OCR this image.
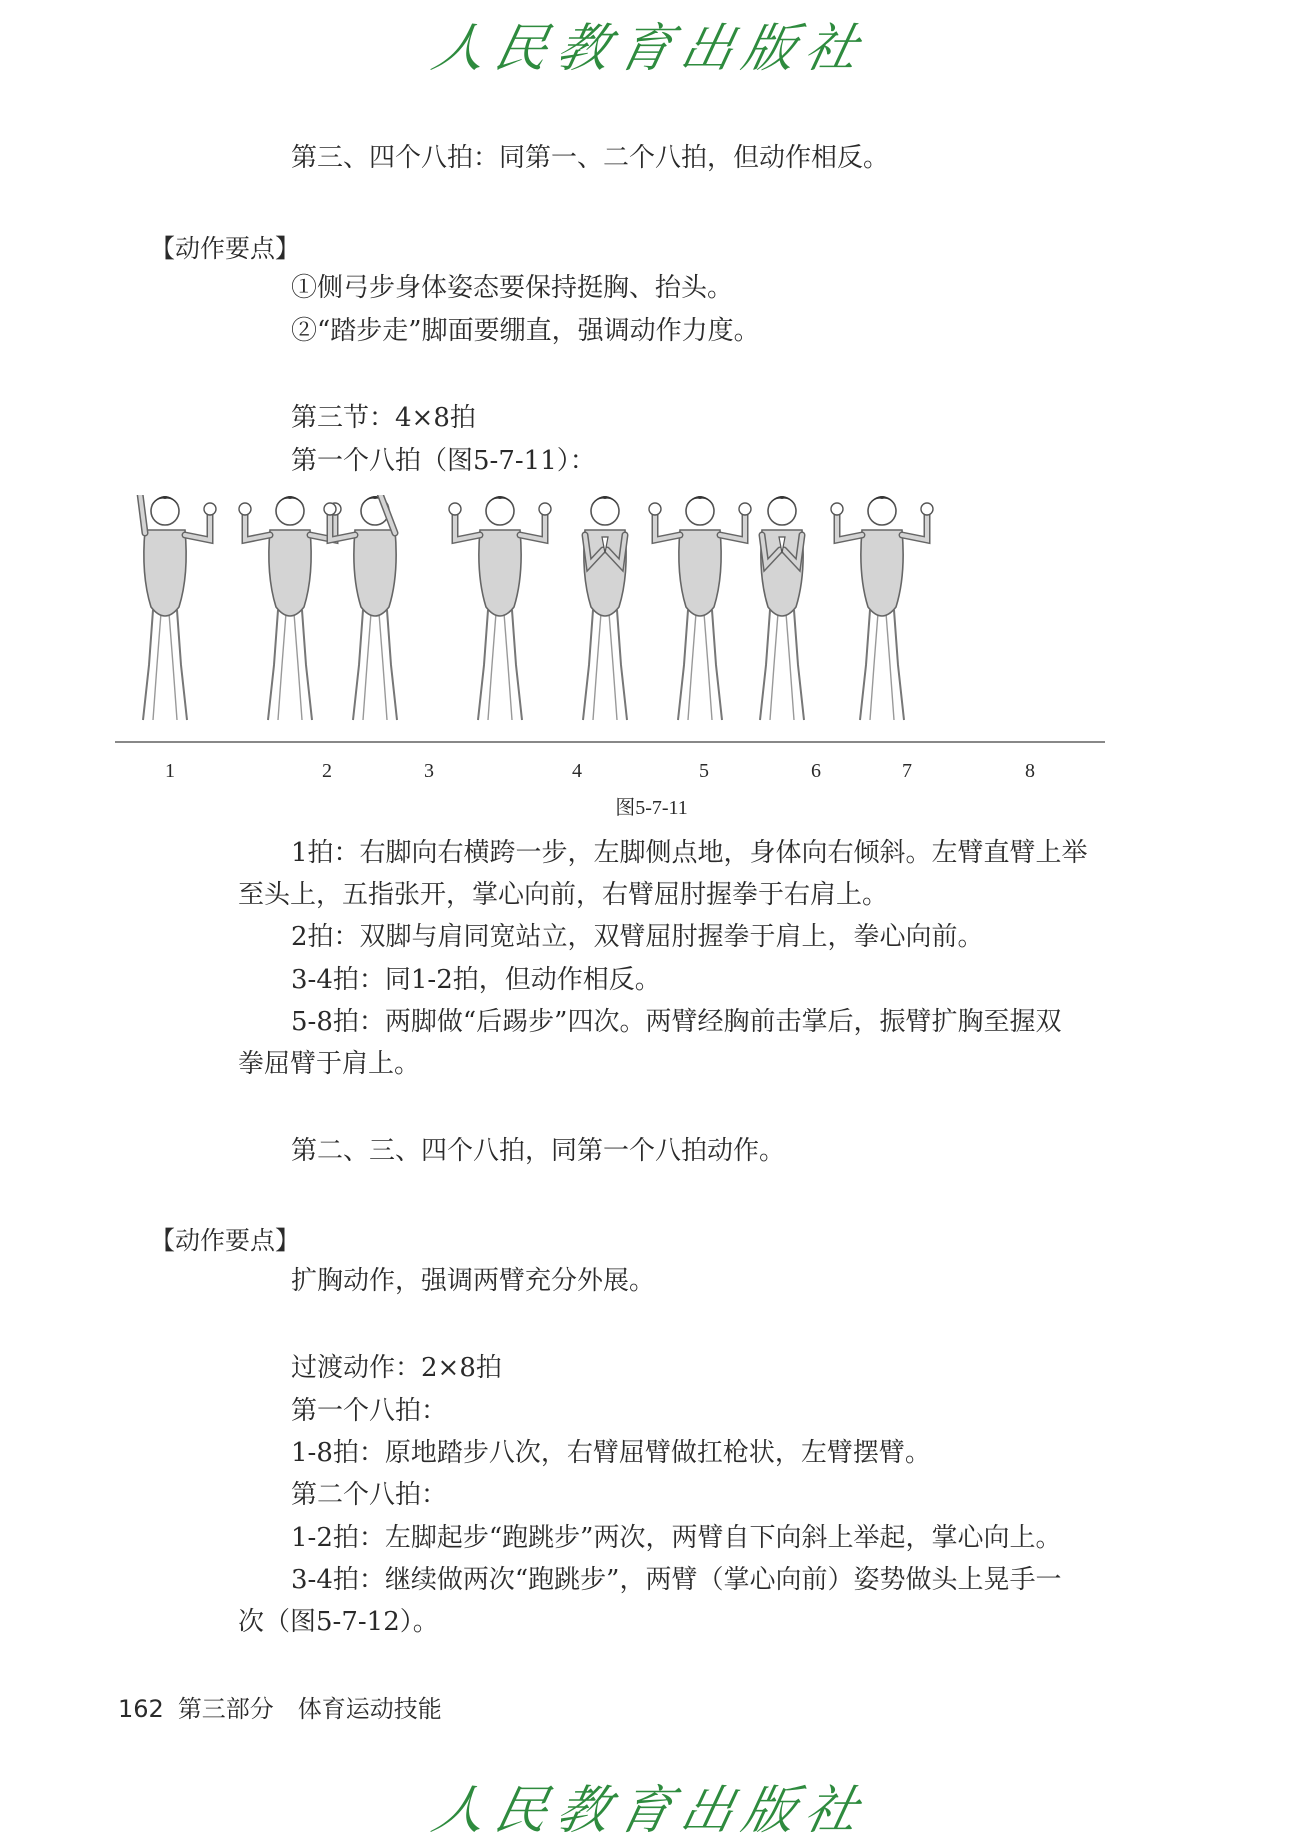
人民教育出版社
第三、四个八拍：同第一、二个八拍，但动作相反。
【动作要点】
①侧弓步身体姿态要保持挺胸、抬头。
②“踏步走”脚面要绷直，强调动作力度。
第三节：4×8拍
第一个八拍（图5-7-11）：
1	2	3	4	5	6	7	8
图5-7-11
1拍：右脚向右横跨一步，左脚侧点地，身体向右倾斜。左臂直臂上举
至头上，五指张开，掌心向前，右臂屈肘握拳于右肩上。
2拍：双脚与肩同宽站立，双臂屈肘握拳于肩上，拳心向前。
3-4拍：同1-2拍，但动作相反。
5-8拍：两脚做“后踢步”四次。两臂经胸前击掌后，振臂扩胸至握双
拳屈臂于肩上。
第二、三、四个八拍，同第一个八拍动作。
【动作要点】
扩胸动作，强调两臂充分外展。
过渡动作：2×8拍
第一个八拍：
1-8拍：原地踏步八次，右臂屈臂做扛枪状，左臂摆臂。
第二个八拍：
1-2拍：左脚起步“跑跳步”两次，两臂自下向斜上举起，掌心向上。
3-4拍：继续做两次“跑跳步”，两臂（掌心向前）姿势做头上晃手一
次（图5-7-12）。
162 第三部分　体育运动技能
人民教育出版社
